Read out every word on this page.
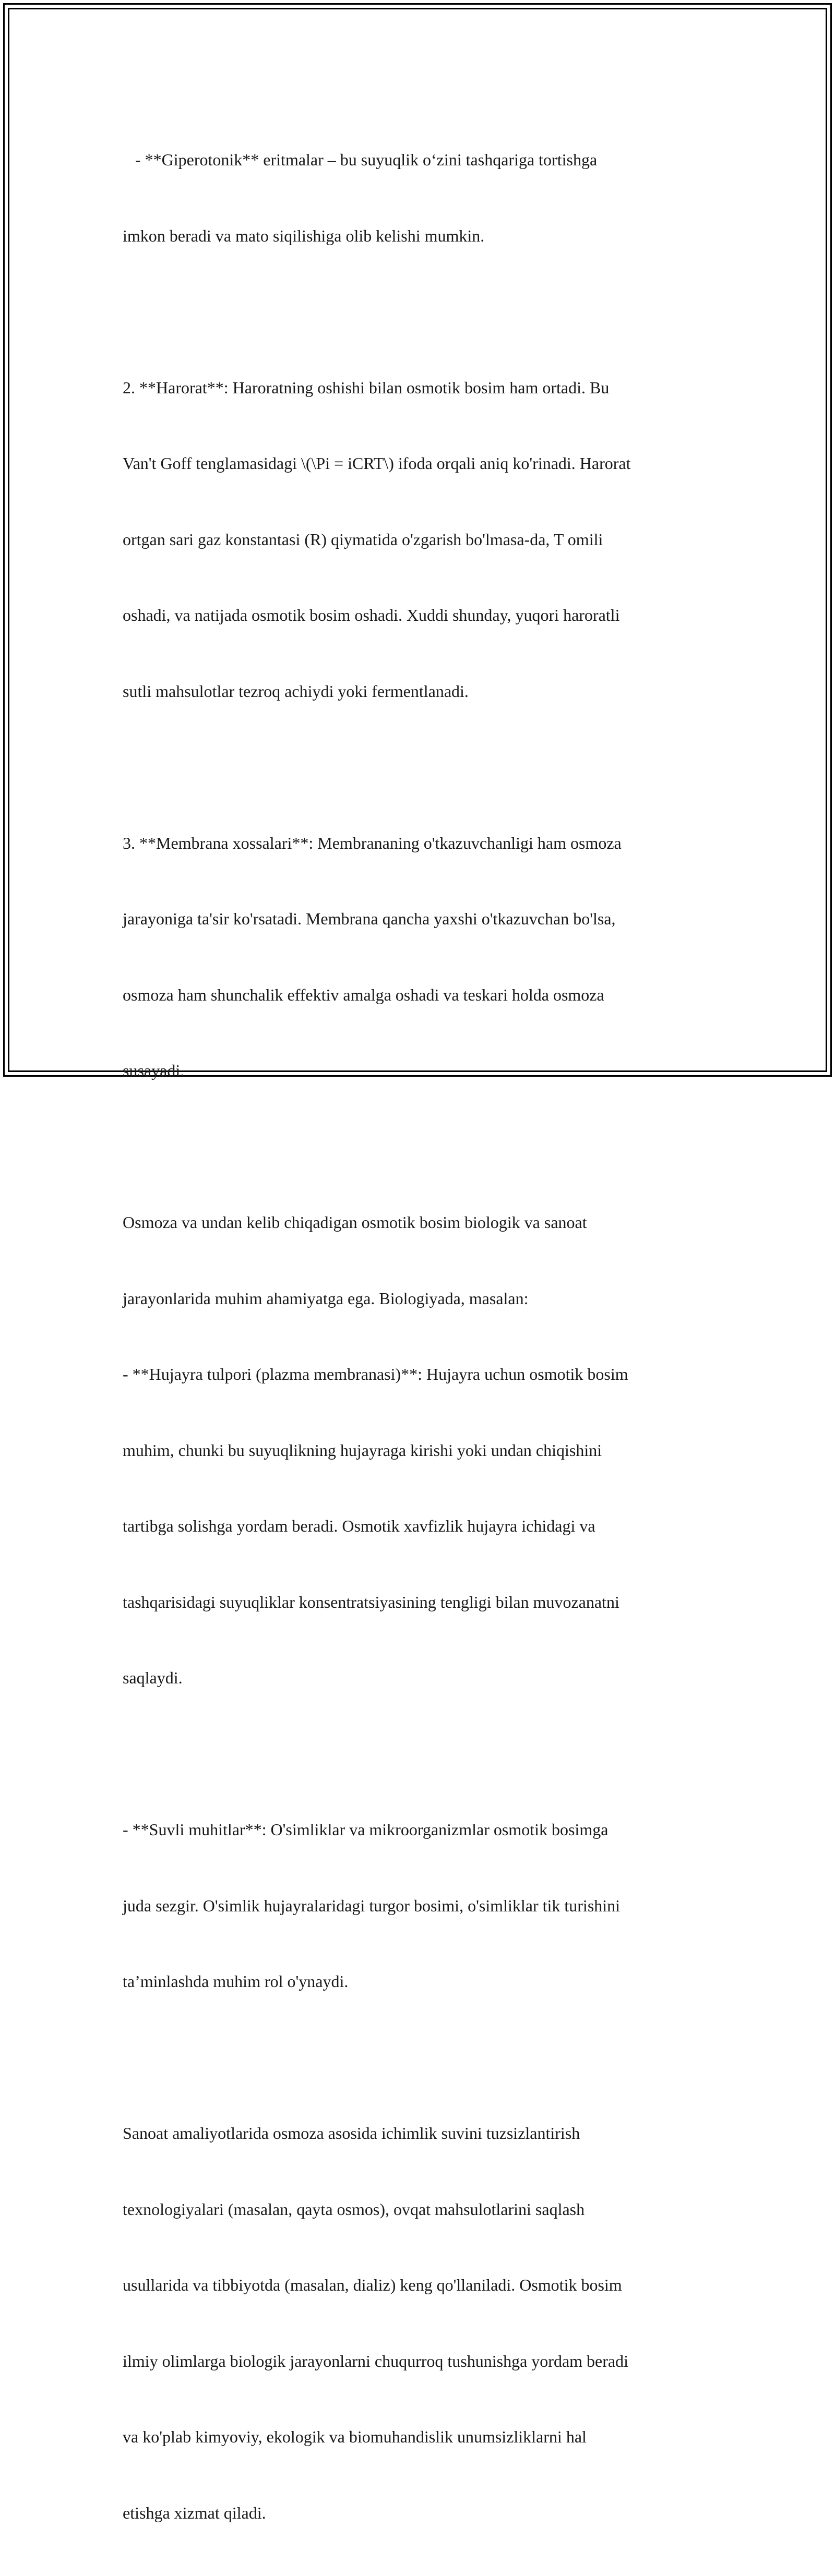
- **Giperotonik** eritmalar – bu suyuqlik o‘zini tashqariga tortishga

imkon beradi va mato siqilishiga olib kelishi mumkin.

2. **Harorat**: Haroratning oshishi bilan osmotik bosim ham ortadi. Bu

Van't Goff tenglamasidagi \(\Pi = iCRT\) ifoda orqali aniq ko'rinadi. Harorat

ortgan sari gaz konstantasi (R) qiymatida o'zgarish bo'lmasa-da, T omili

oshadi, va natijada osmotik bosim oshadi. Xuddi shunday, yuqori haroratli

sutli mahsulotlar tezroq achiydi yoki fermentlanadi.

3. **Membrana xossalari**: Membrananing o'tkazuvchanligi ham osmoza

jarayoniga ta'sir ko'rsatadi. Membrana qancha yaxshi o'tkazuvchan bo'lsa,

osmoza ham shunchalik effektiv amalga oshadi va teskari holda osmoza

susayadi.

Osmoza va undan kelib chiqadigan osmotik bosim biologik va sanoat

jarayonlarida muhim ahamiyatga ega. Biologiyada, masalan:

- **Hujayra tulpori (plazma membranasi)**: Hujayra uchun osmotik bosim

muhim, chunki bu suyuqlikning hujayraga kirishi yoki undan chiqishini

tartibga solishga yordam beradi. Osmotik xavfizlik hujayra ichidagi va

tashqarisidagi suyuqliklar konsentratsiyasining tengligi bilan muvozanatni

saqlaydi.

- **Suvli muhitlar**: O'simliklar va mikroorganizmlar osmotik bosimga

juda sezgir. O'simlik hujayralaridagi turgor bosimi, o'simliklar tik turishini

ta’minlashda muhim rol o'ynaydi.

Sanoat amaliyotlarida osmoza asosida ichimlik suvini tuzsizlantirish

texnologiyalari (masalan, qayta osmos), ovqat mahsulotlarini saqlash

usullarida va tibbiyotda (masalan, dializ) keng qo'llaniladi. Osmotik bosim

ilmiy olimlarga biologik jarayonlarni chuqurroq tushunishga yordam beradi

va ko'plab kimyoviy, ekologik va biomuhandislik unumsizliklarni hal

etishga xizmat qiladi.
